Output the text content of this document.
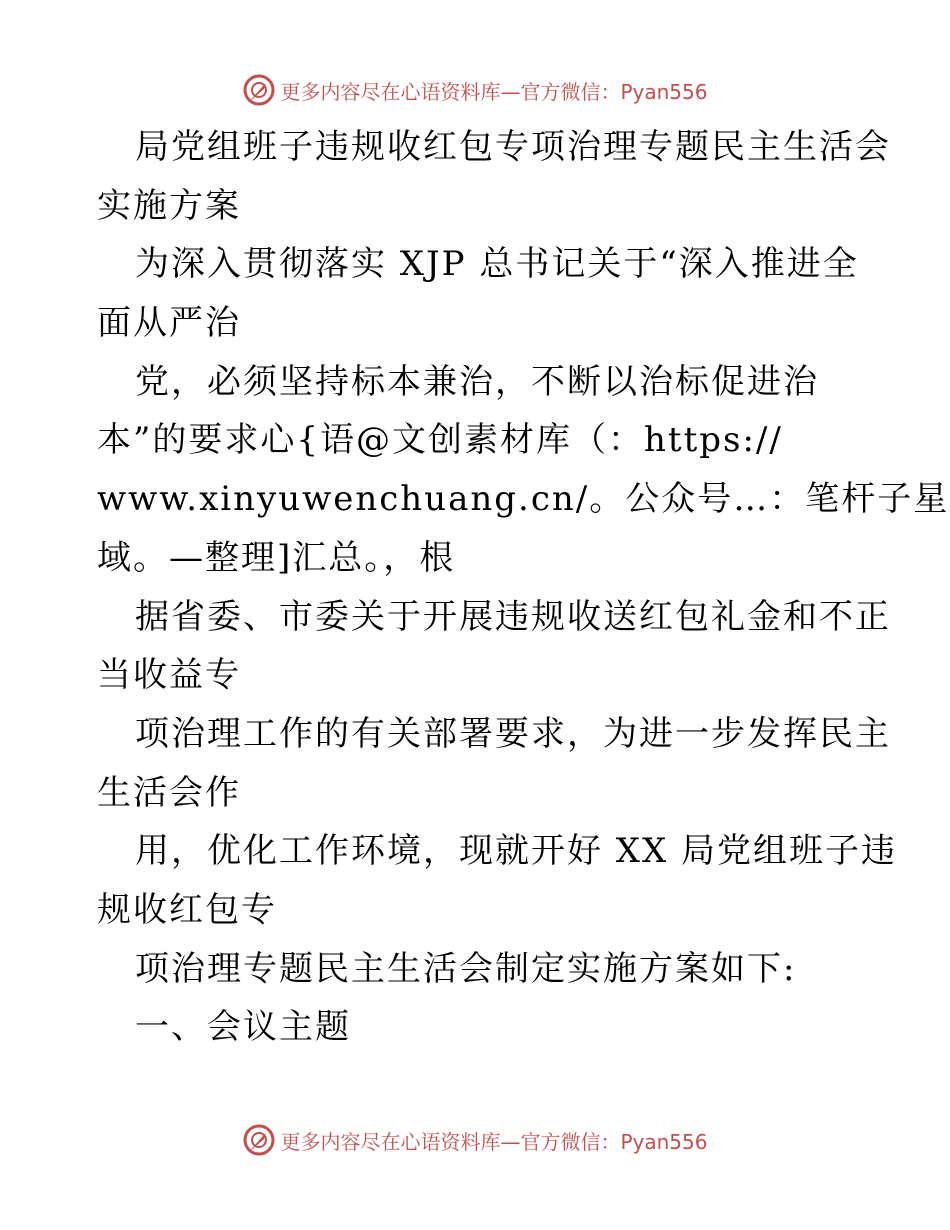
更多内容尽在心语资料库—官方微信：Pyan556
局党组班子违规收红包专项治理专题民主生活会
实施方案
为深入贯彻落实 XJP 总书记关于“深入推进全
面从严治
党，必须坚持标本兼治，不断以治标促进治
本”的要求心{语@文创素材库（：https://
www.xinyuwenchuang.cn/。公众号…：笔杆子星
域。—整理]汇总。，根
据省委、市委关于开展违规收送红包礼金和不正
当收益专
项治理工作的有关部署要求，为进一步发挥民主
生活会作
用，优化工作环境，现就开好 XX 局党组班子违
规收红包专
项治理专题民主生活会制定实施方案如下:
一、会议主题
更多内容尽在心语资料库—官方微信：Pyan556
